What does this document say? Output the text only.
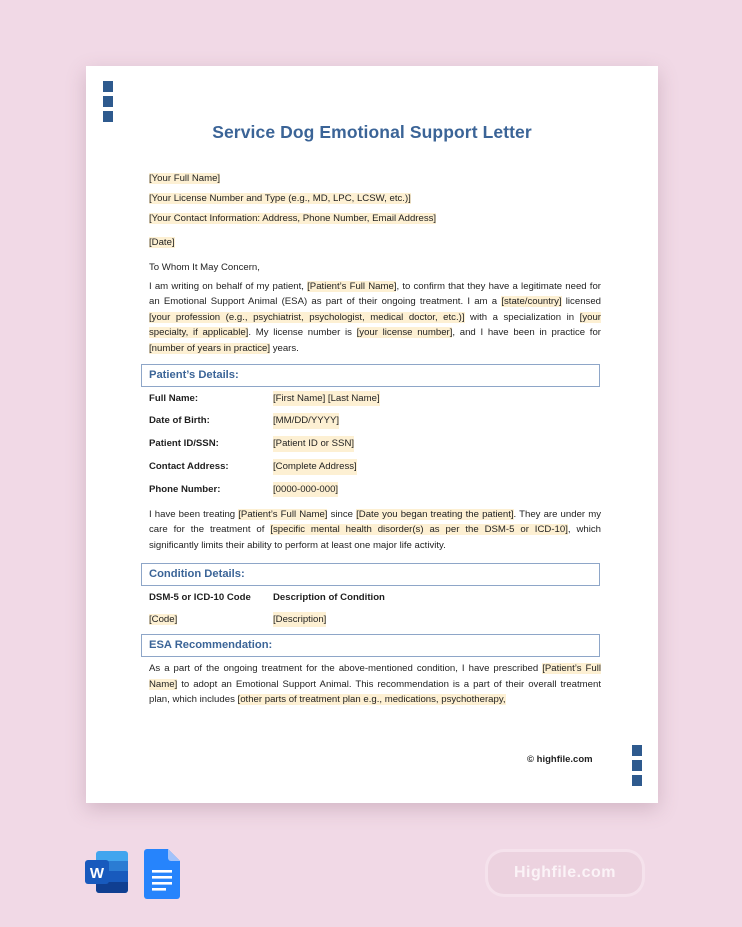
Service Dog Emotional Support Letter

[Your Full Name]

[Your License Number and Type (e.g., MD, LPC, LCSW, etc.)]

[Your Contact Information: Address, Phone Number, Email Address]

[Date]

To Whom It May Concern,

I am writing on behalf of my patient, [Patient’s Full Name], to confirm that they have a legitimate need for an Emotional Support Animal (ESA) as part of their ongoing treatment. I am a [state/country] licensed [your profession (e.g., psychiatrist, psychologist, medical doctor, etc.)] with a specialization in [your specialty, if applicable]. My license number is [your license number], and I have been in practice for [number of years in practice] years.

Patient’s Details:
Full Name:	[First Name] [Last Name]
Date of Birth:	[MM/DD/YYYY]
Patient ID/SSN:	[Patient ID or SSN]
Contact Address:	[Complete Address]
Phone Number:	[0000-000-000]

I have been treating [Patient’s Full Name] since [Date you began treating the patient]. They are under my care for the treatment of [specific mental health disorder(s) as per the DSM-5 or ICD-10], which significantly limits their ability to perform at least one major life activity.

Condition Details:
DSM-5 or ICD-10 Code	Description of Condition
[Code]	[Description]
ESA Recommendation:

As a part of the ongoing treatment for the above-mentioned condition, I have prescribed [Patient’s Full Name] to adopt an Emotional Support Animal. This recommendation is a part of their overall treatment plan, which includes [other parts of treatment plan e.g., medications, psychotherapy,

© highfile.com
W	Highfile.com
